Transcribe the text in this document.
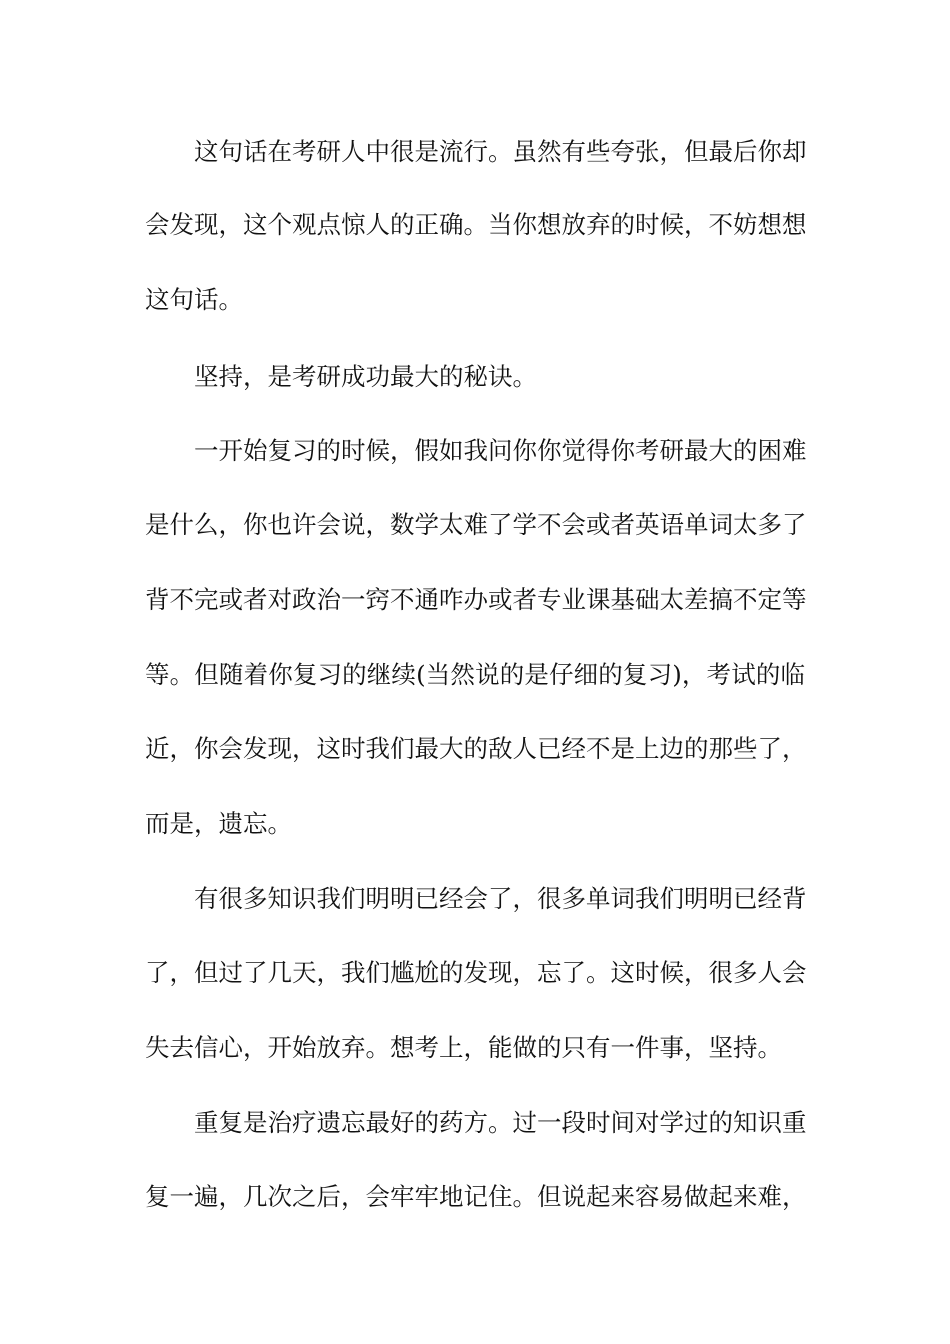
这句话在考研人中很是流行。虽然有些夸张，但最后你却
会发现，这个观点惊人的正确。当你想放弃的时候，不妨想想
这句话。
坚持，是考研成功最大的秘诀。
一开始复习的时候，假如我问你你觉得你考研最大的困难
是什么，你也许会说，数学太难了学不会或者英语单词太多了
背不完或者对政治一窍不通咋办或者专业课基础太差搞不定等
等。但随着你复习的继续(当然说的是仔细的复习)，考试的临
近，你会发现，这时我们最大的敌人已经不是上边的那些了，
而是，遗忘。
有很多知识我们明明已经会了，很多单词我们明明已经背
了，但过了几天，我们尴尬的发现，忘了。这时候，很多人会
失去信心，开始放弃。想考上，能做的只有一件事，坚持。
重复是治疗遗忘最好的药方。过一段时间对学过的知识重
复一遍，几次之后，会牢牢地记住。但说起来容易做起来难，
